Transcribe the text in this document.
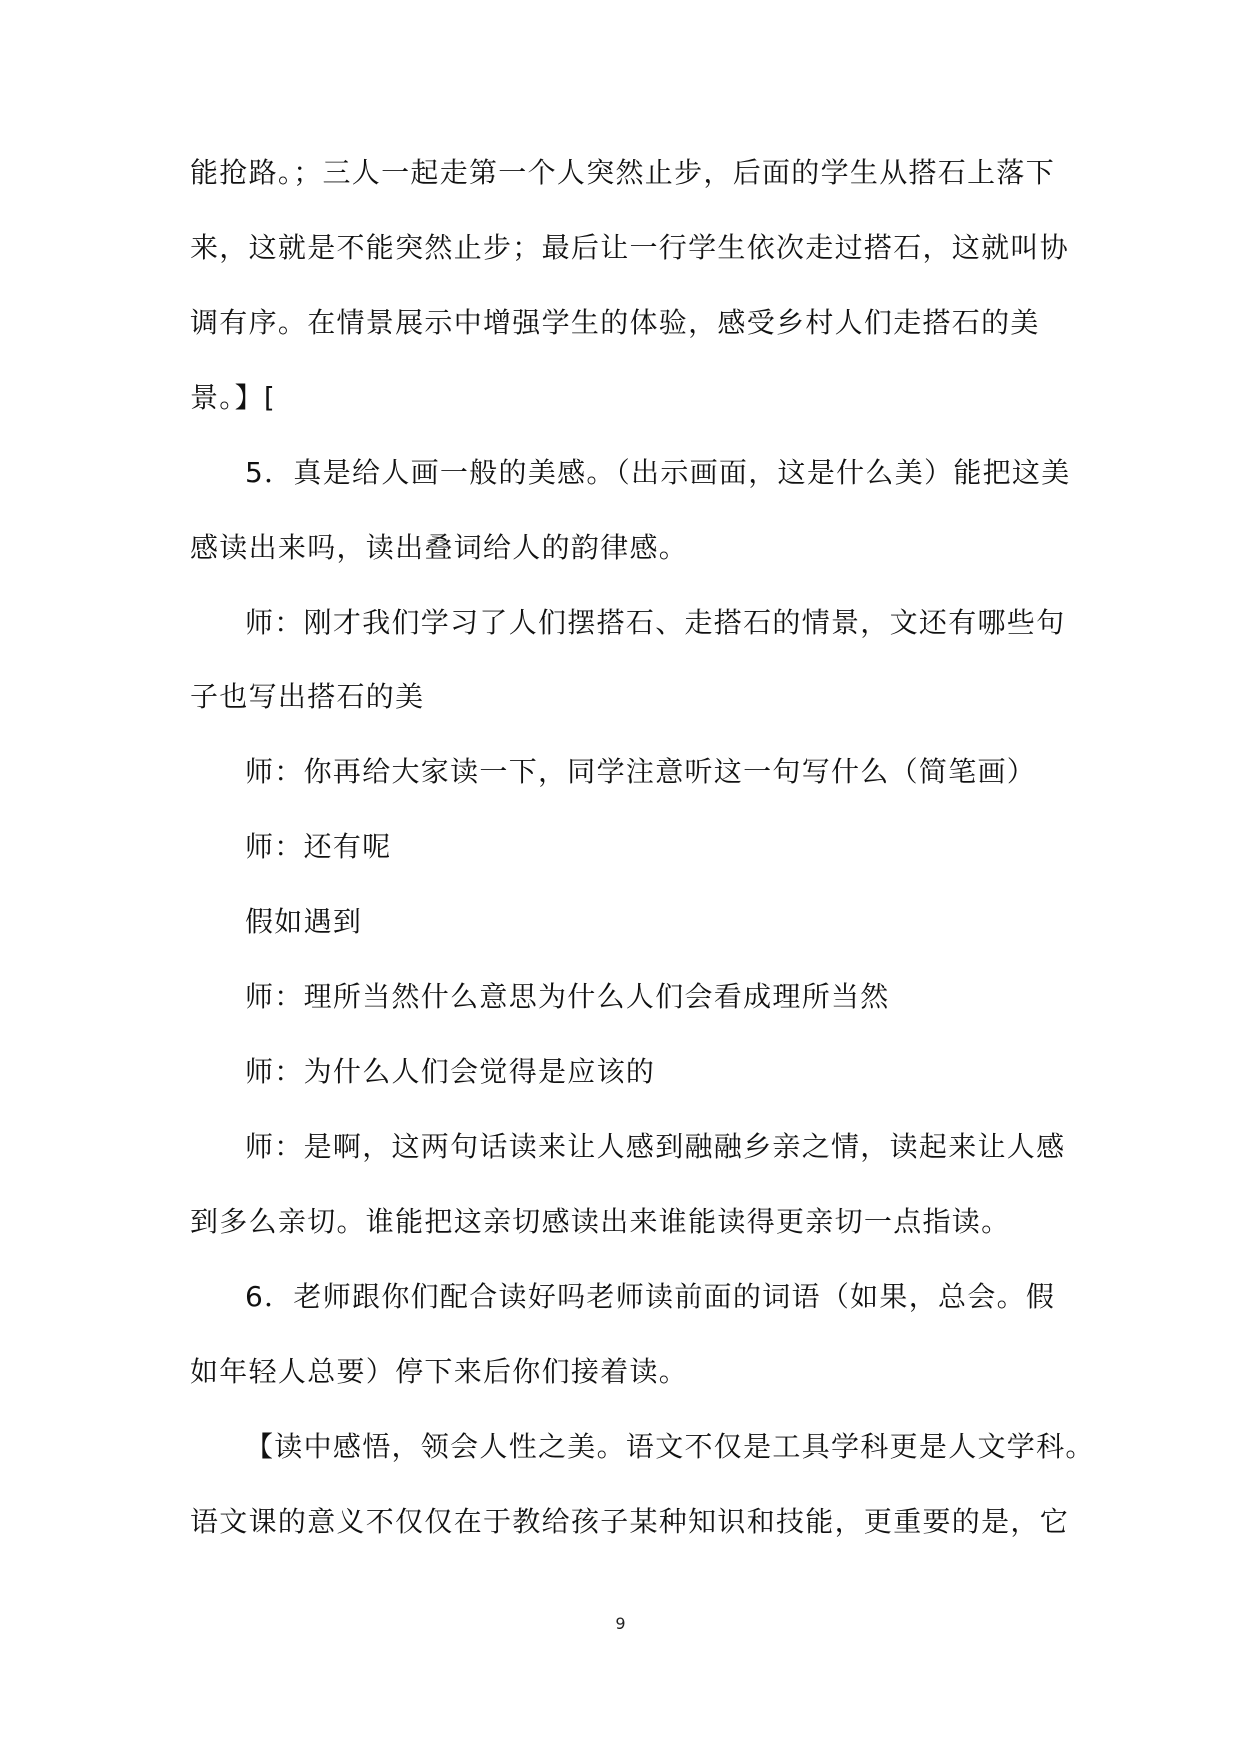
能抢路。；三人一起走第一个人突然止步，后面的学生从搭石上落下
来，这就是不能突然止步；最后让一行学生依次走过搭石，这就叫协
调有序。在情景展示中增强学生的体验，感受乡村人们走搭石的美
景。】[
5．真是给人画一般的美感。（出示画面，这是什么美）能把这美
感读出来吗，读出叠词给人的韵律感。
师：刚才我们学习了人们摆搭石、走搭石的情景，文还有哪些句
子也写出搭石的美
师：你再给大家读一下，同学注意听这一句写什么（简笔画）
师：还有呢
假如遇到
师：理所当然什么意思为什么人们会看成理所当然
师：为什么人们会觉得是应该的
师：是啊，这两句话读来让人感到融融乡亲之情，读起来让人感
到多么亲切。谁能把这亲切感读出来谁能读得更亲切一点指读。
6．老师跟你们配合读好吗老师读前面的词语（如果，总会。假
如年轻人总要）停下来后你们接着读。
【读中感悟，领会人性之美。语文不仅是工具学科更是人文学科。
语文课的意义不仅仅在于教给孩子某种知识和技能，更重要的是，它
9
